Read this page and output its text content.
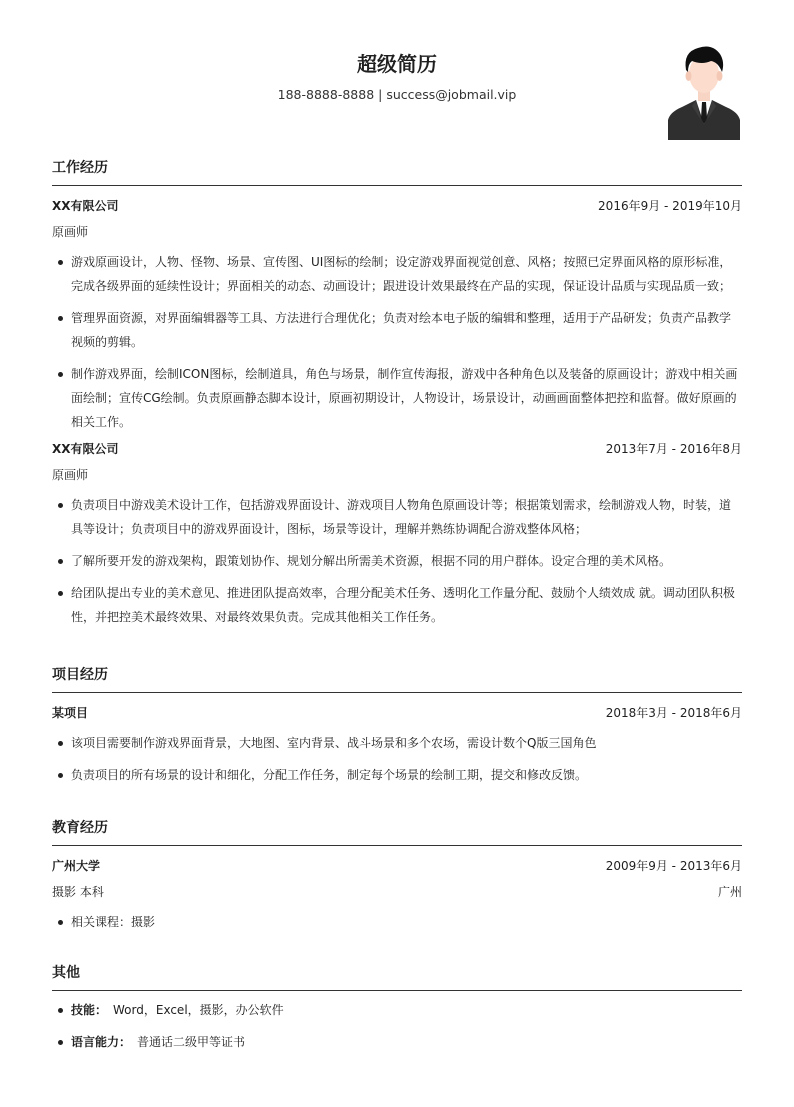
超级简历
188-8888-8888 | success@jobmail.vip
工作经历
XX有限公司	2016年9月 - 2019年10月
原画师
游戏原画设计，人物、怪物、场景、宣传图、UI图标的绘制；设定游戏界面视觉创意、风格；按照已定界面风格的原形标准，完成各级界面的延续性设计；界面相关的动态、动画设计；跟进设计效果最终在产品的实现，保证设计品质与实现品质一致；
管理界面资源，对界面编辑器等工具、方法进行合理优化；负责对绘本电子版的编辑和整理，适用于产品研发；负责产品教学视频的剪辑。
制作游戏界面，绘制ICON图标，绘制道具，角色与场景，制作宣传海报，游戏中各种角色以及装备的原画设计；游戏中相关画面绘制；宣传CG绘制。负责原画静态脚本设计，原画初期设计，人物设计，场景设计，动画画面整体把控和监督。做好原画的相关工作。
XX有限公司	2013年7月 - 2016年8月
原画师
负责项目中游戏美术设计工作，包括游戏界面设计、游戏项目人物角色原画设计等；根据策划需求，绘制游戏人物，时装，道具等设计；负责项目中的游戏界面设计，图标，场景等设计，理解并熟练协调配合游戏整体风格；
了解所要开发的游戏架构，跟策划协作、规划分解出所需美术资源，根据不同的用户群体。设定合理的美术风格。
给团队提出专业的美术意见、推进团队提高效率，合理分配美术任务、透明化工作量分配、鼓励个人绩效成 就。调动团队积极性，并把控美术最终效果、对最终效果负责。完成其他相关工作任务。
项目经历
某项目	2018年3月 - 2018年6月
该项目需要制作游戏界面背景，大地图、室内背景、战斗场景和多个农场，需设计数个Q版三国角色
负责项目的所有场景的设计和细化，分配工作任务，制定每个场景的绘制工期，提交和修改反馈。
教育经历
广州大学	2009年9月 - 2013年6月
摄影 本科	广州
相关课程：摄影
其他
技能： Word，Excel，摄影，办公软件
语言能力： 普通话二级甲等证书
